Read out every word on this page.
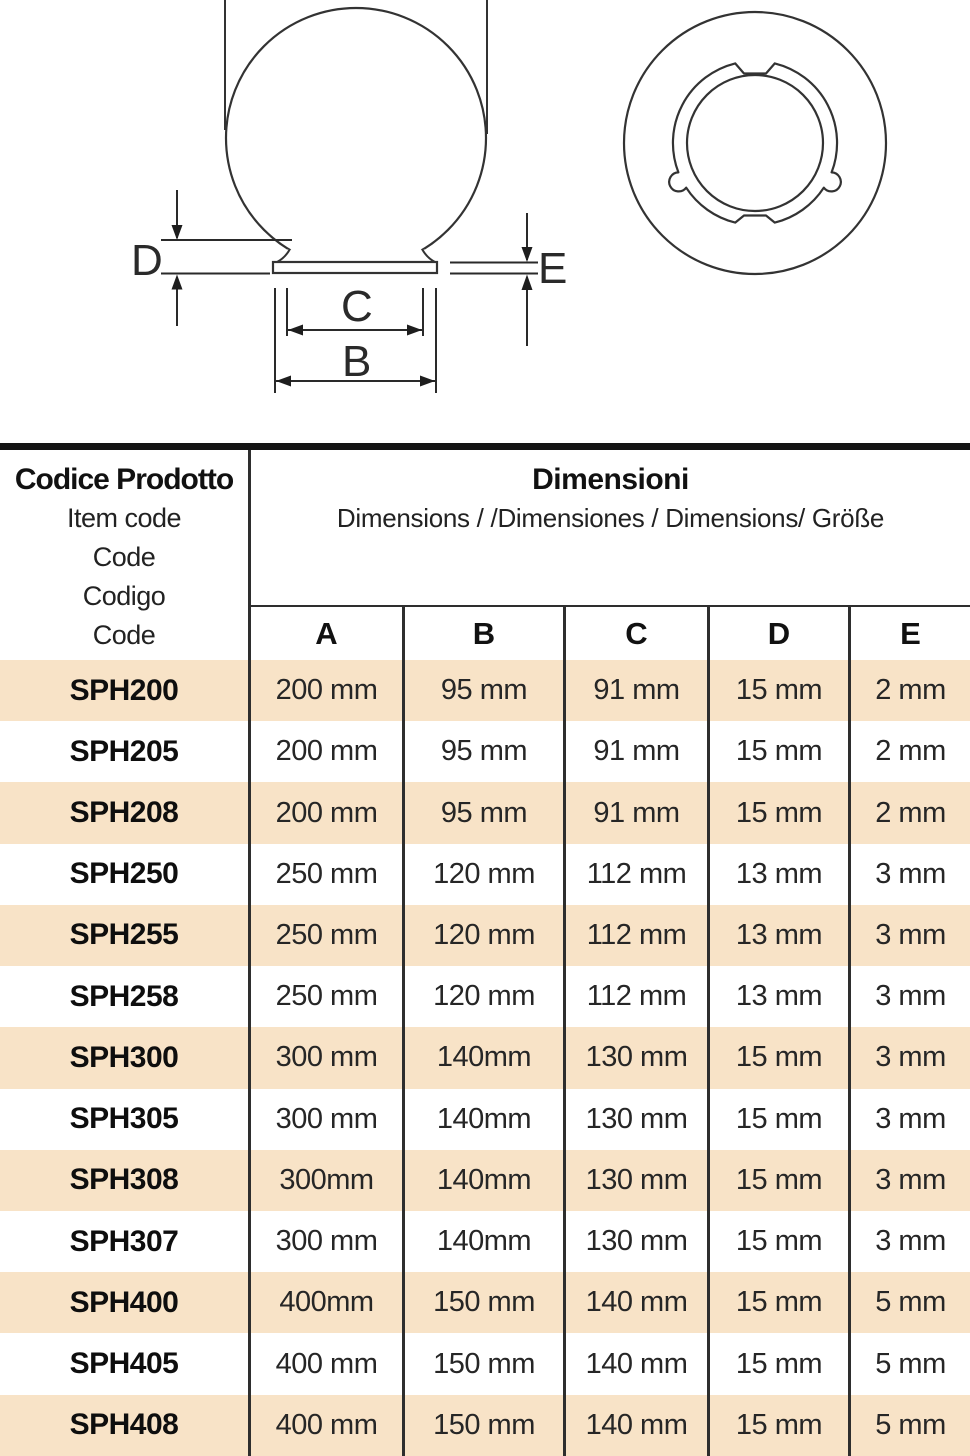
D	E
C
B
Codice Prodotto
Item code
Code
Codigo
Code
Dimensioni
Dimensions / /Dimensiones / Dimensions/ Größe
A	B	C	D	E
SPH200	200 mm	95 mm	91 mm	15 mm	2 mm
SPH205	200 mm	95 mm	91 mm	15 mm	2 mm
SPH208	200 mm	95 mm	91 mm	15 mm	2 mm
SPH250	250 mm	120 mm	112 mm	13 mm	3 mm
SPH255	250 mm	120 mm	112 mm	13 mm	3 mm
SPH258	250 mm	120 mm	112 mm	13 mm	3 mm
SPH300	300 mm	140mm	130 mm	15 mm	3 mm
SPH305	300 mm	140mm	130 mm	15 mm	3 mm
SPH308	300mm	140mm	130 mm	15 mm	3 mm
SPH307	300 mm	140mm	130 mm	15 mm	3 mm
SPH400	400mm	150 mm	140 mm	15 mm	5 mm
SPH405	400 mm	150 mm	140 mm	15 mm	5 mm
SPH408	400 mm	150 mm	140 mm	15 mm	5 mm
